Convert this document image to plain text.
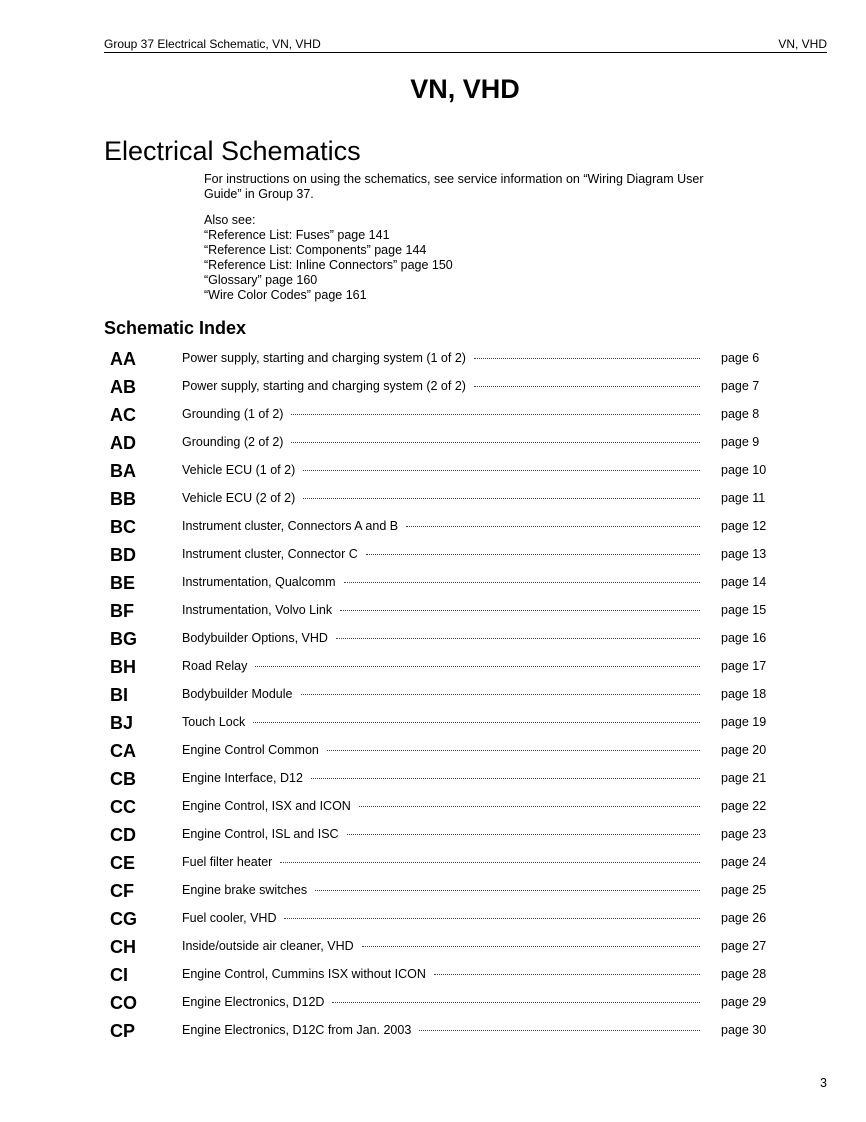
Group 37 Electrical Schematic, VN, VHD	VN, VHD
VN, VHD
Electrical Schematics

For instructions on using the schematics, see service information on “Wiring Diagram User Guide” in Group 37.

Also see:

“Reference List: Fuses” page 141

“Reference List: Components” page 144

“Reference List: Inline Connectors” page 150

“Glossary” page 160

“Wire Color Codes” page 161

Schematic Index
AA	Power supply, starting and charging system (1 of 2)	page 6
AB	Power supply, starting and charging system (2 of 2)	page 7
AC	Grounding (1 of 2)	page 8
AD	Grounding (2 of 2)	page 9
BA	Vehicle ECU (1 of 2)	page 10
BB	Vehicle ECU (2 of 2)	page 11
BC	Instrument cluster, Connectors A and B	page 12
BD	Instrument cluster, Connector C	page 13
BE	Instrumentation, Qualcomm	page 14
BF	Instrumentation, Volvo Link	page 15
BG	Bodybuilder Options, VHD	page 16
BH	Road Relay	page 17
BI	Bodybuilder Module	page 18
BJ	Touch Lock	page 19
CA	Engine Control Common	page 20
CB	Engine Interface, D12	page 21
CC	Engine Control, ISX and ICON	page 22
CD	Engine Control, ISL and ISC	page 23
CE	Fuel filter heater	page 24
CF	Engine brake switches	page 25
CG	Fuel cooler, VHD	page 26
CH	Inside/outside air cleaner, VHD	page 27
CI	Engine Control, Cummins ISX without ICON	page 28
CO	Engine Electronics, D12D	page 29
CP	Engine Electronics, D12C from Jan. 2003	page 30
3
